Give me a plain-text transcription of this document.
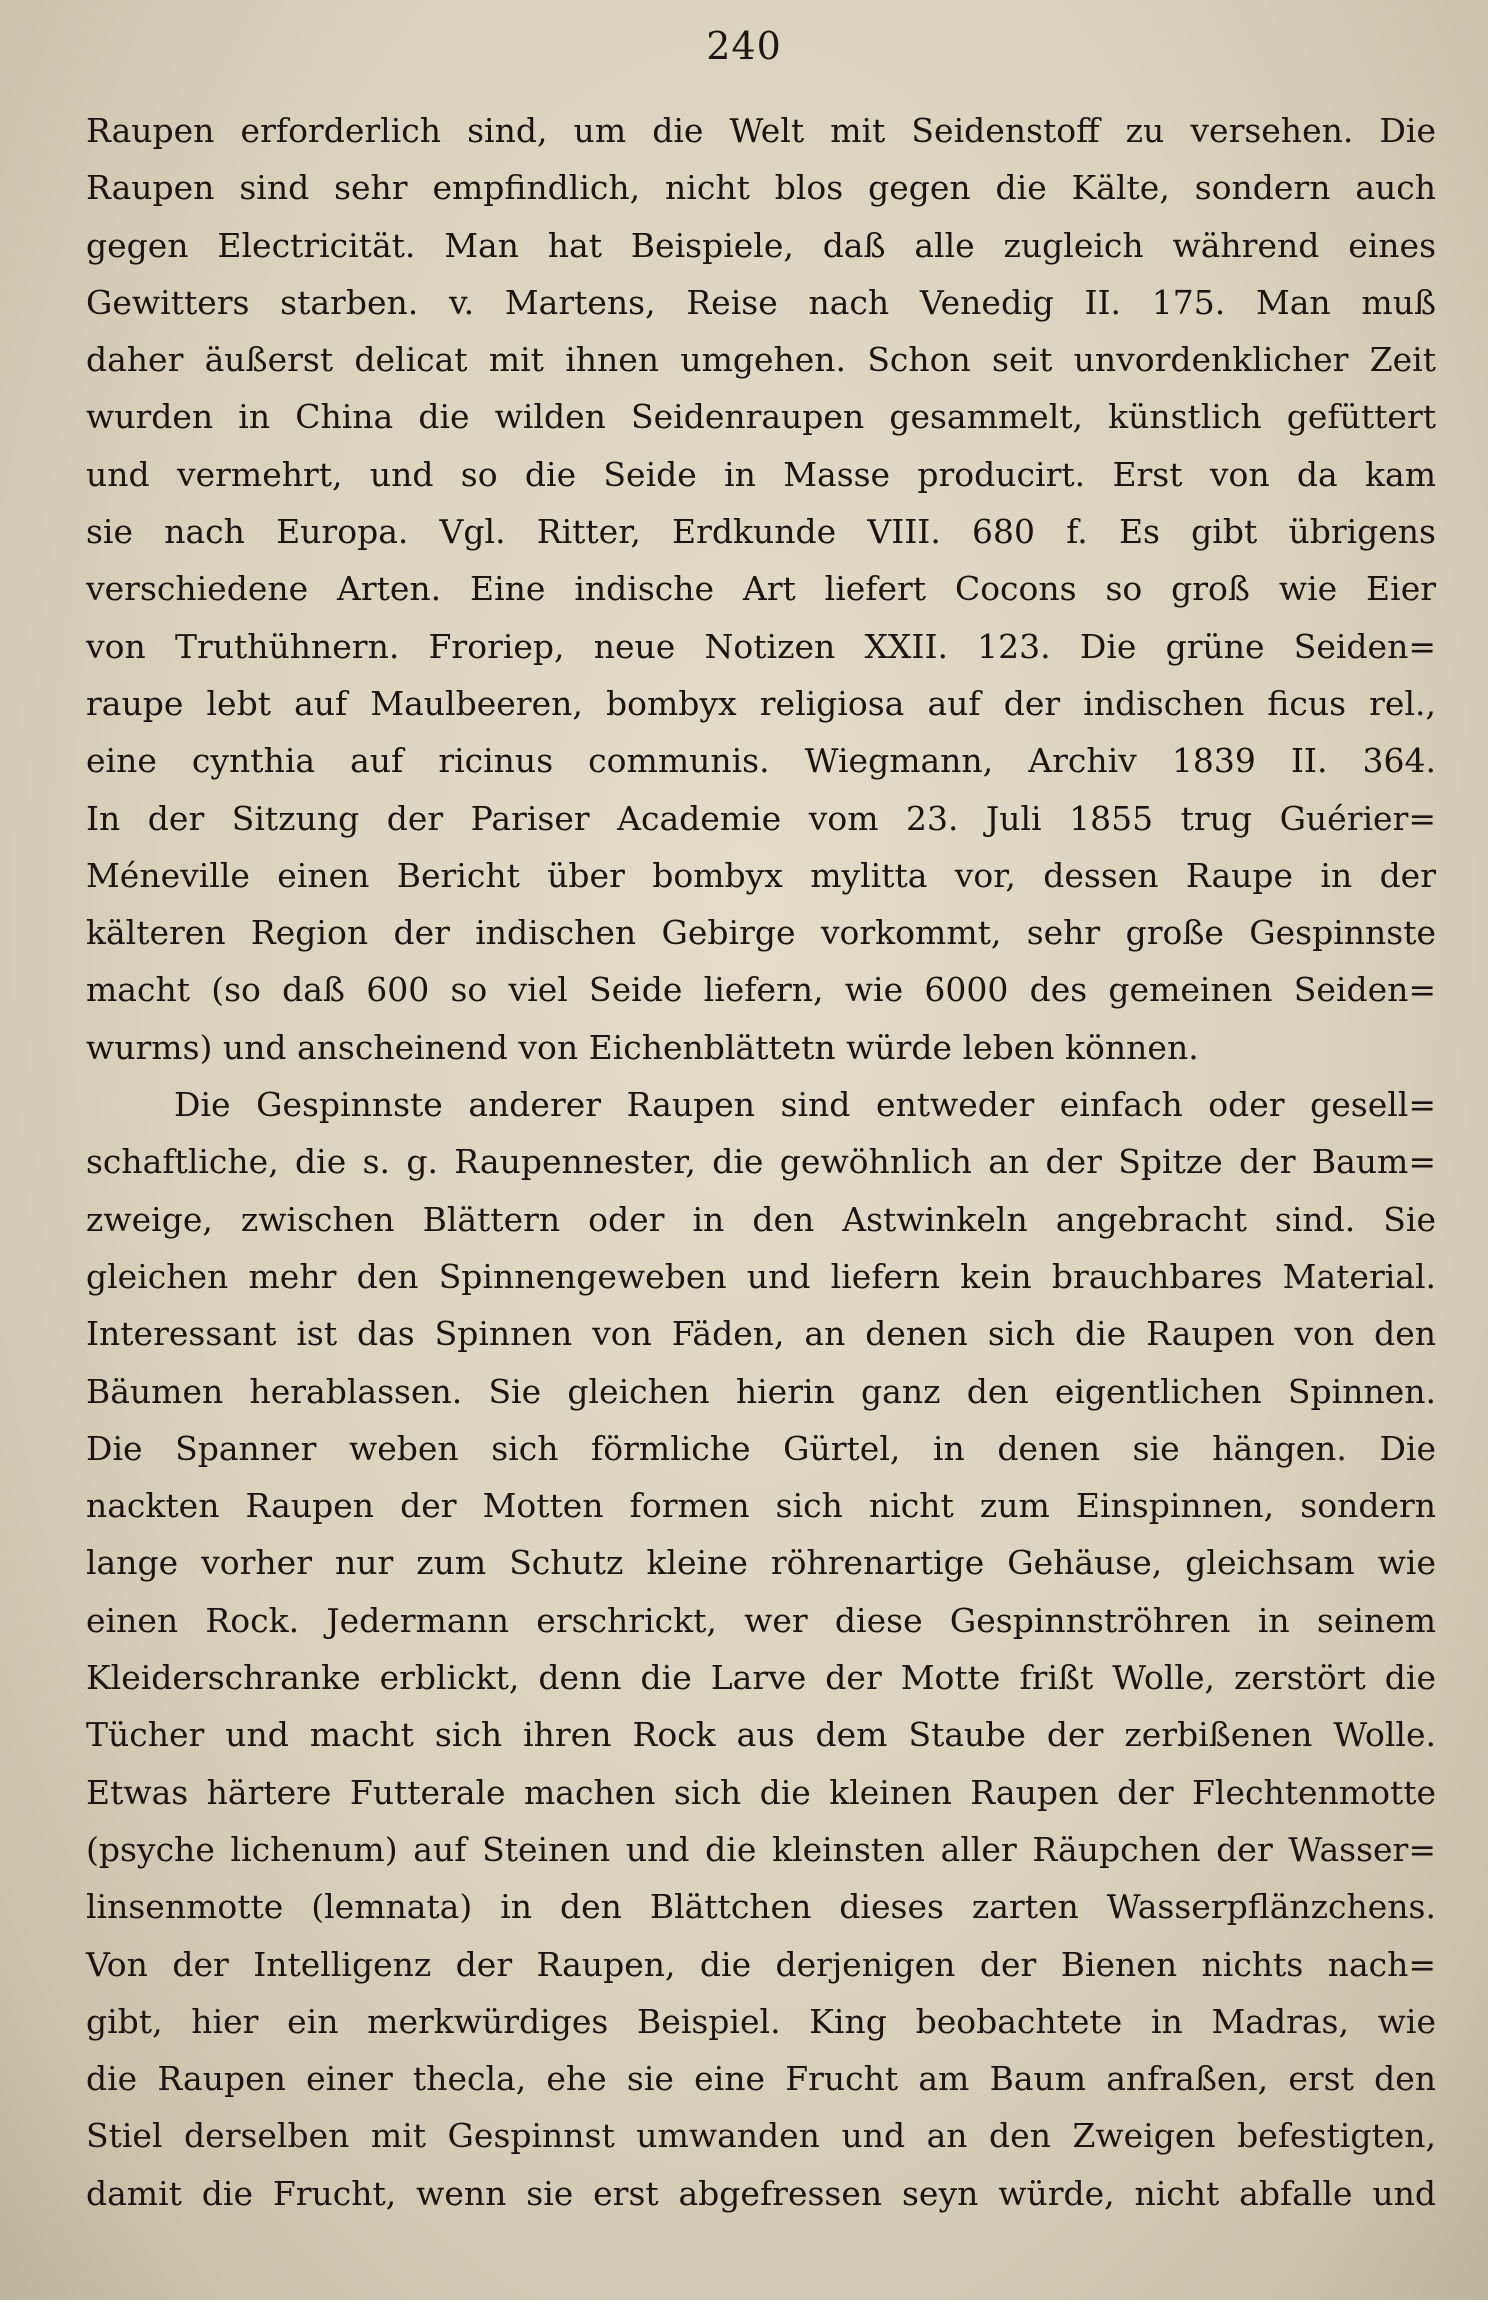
240
Raupen erforderlich sind, um die Welt mit Seidenstoff zu versehen. Die
Raupen sind sehr empfindlich, nicht blos gegen die Kälte, sondern auch
gegen Electricität. Man hat Beispiele, daß alle zugleich während eines
Gewitters starben. v. Martens, Reise nach Venedig II. 175. Man muß
daher äußerst delicat mit ihnen umgehen. Schon seit unvordenklicher Zeit
wurden in China die wilden Seidenraupen gesammelt, künstlich gefüttert
und vermehrt, und so die Seide in Masse producirt. Erst von da kam
sie nach Europa. Vgl. Ritter, Erdkunde VIII. 680 f. Es gibt übrigens
verschiedene Arten. Eine indische Art liefert Cocons so groß wie Eier
von Truthühnern. Froriep, neue Notizen XXII. 123. Die grüne Seiden=
raupe lebt auf Maulbeeren, bombyx religiosa auf der indischen ficus rel.,
eine cynthia auf ricinus communis. Wiegmann, Archiv 1839 II. 364.
In der Sitzung der Pariser Academie vom 23. Juli 1855 trug Guérier=
Méneville einen Bericht über bombyx mylitta vor, dessen Raupe in der
kälteren Region der indischen Gebirge vorkommt, sehr große Gespinnste
macht (so daß 600 so viel Seide liefern, wie 6000 des gemeinen Seiden=
wurms) und anscheinend von Eichenblättetn würde leben können.
Die Gespinnste anderer Raupen sind entweder einfach oder gesell=
schaftliche, die s. g. Raupennester, die gewöhnlich an der Spitze der Baum=
zweige, zwischen Blättern oder in den Astwinkeln angebracht sind. Sie
gleichen mehr den Spinnengeweben und liefern kein brauchbares Material.
Interessant ist das Spinnen von Fäden, an denen sich die Raupen von den
Bäumen herablassen. Sie gleichen hierin ganz den eigentlichen Spinnen.
Die Spanner weben sich förmliche Gürtel, in denen sie hängen. Die
nackten Raupen der Motten formen sich nicht zum Einspinnen, sondern
lange vorher nur zum Schutz kleine röhrenartige Gehäuse, gleichsam wie
einen Rock. Jedermann erschrickt, wer diese Gespinnströhren in seinem
Kleiderschranke erblickt, denn die Larve der Motte frißt Wolle, zerstört die
Tücher und macht sich ihren Rock aus dem Staube der zerbißenen Wolle.
Etwas härtere Futterale machen sich die kleinen Raupen der Flechtenmotte
(psyche lichenum) auf Steinen und die kleinsten aller Räupchen der Wasser=
linsenmotte (lemnata) in den Blättchen dieses zarten Wasserpflänzchens.
Von der Intelligenz der Raupen, die derjenigen der Bienen nichts nach=
gibt, hier ein merkwürdiges Beispiel. King beobachtete in Madras, wie
die Raupen einer thecla, ehe sie eine Frucht am Baum anfraßen, erst den
Stiel derselben mit Gespinnst umwanden und an den Zweigen befestigten,
damit die Frucht, wenn sie erst abgefressen seyn würde, nicht abfalle und
